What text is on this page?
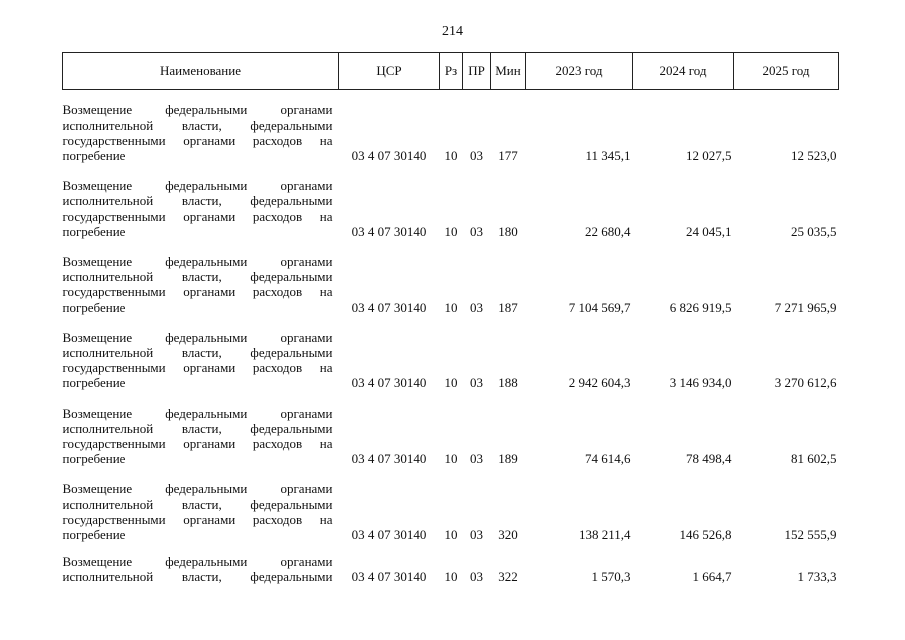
214
Наименование	ЦСР	Рз	ПР	Мин	2023 год	2024 год	2025 год

Возмещение федеральными органами
исполнительной власти, федеральными
государственными органами расходов на
погребение	03 4 07 30140	10	03	177	11 345,1	12 027,5	12 523,0

Возмещение федеральными органами
исполнительной власти, федеральными
государственными органами расходов на
погребение	03 4 07 30140	10	03	180	22 680,4	24 045,1	25 035,5

Возмещение федеральными органами
исполнительной власти, федеральными
государственными органами расходов на
погребение	03 4 07 30140	10	03	187	7 104 569,7	6 826 919,5	7 271 965,9

Возмещение федеральными органами
исполнительной власти, федеральными
государственными органами расходов на
погребение	03 4 07 30140	10	03	188	2 942 604,3	3 146 934,0	3 270 612,6

Возмещение федеральными органами
исполнительной власти, федеральными
государственными органами расходов на
погребение	03 4 07 30140	10	03	189	74 614,6	78 498,4	81 602,5

Возмещение федеральными органами
исполнительной власти, федеральными
государственными органами расходов на
погребение	03 4 07 30140	10	03	320	138 211,4	146 526,8	152 555,9

Возмещение федеральными органами
исполнительной власти, федеральными	03 4 07 30140	10	03	322	1 570,3	1 664,7	1 733,3
